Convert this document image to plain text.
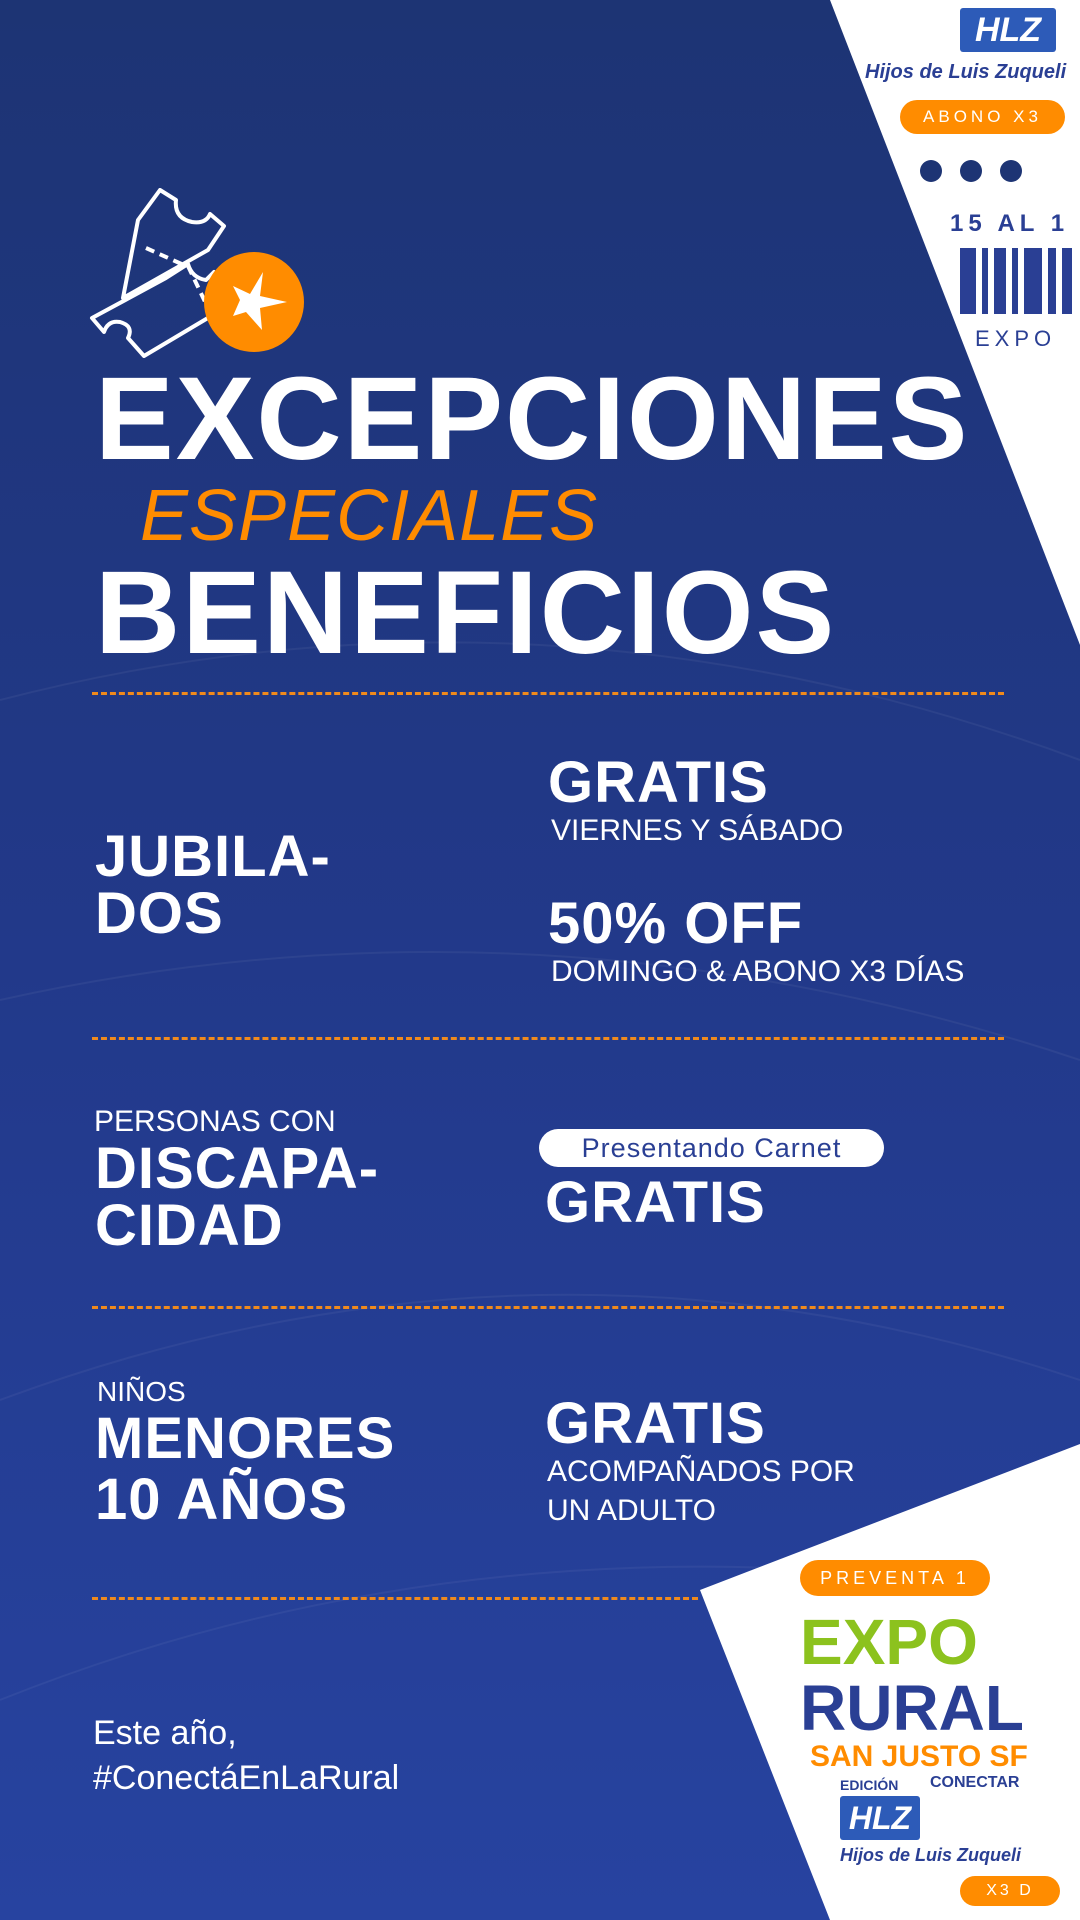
HLZ
Hijos de Luis Zuqueli
ABONO X3
15 AL 1
EXPO
PREVENTA 1
EXPO
RURAL
SAN JUSTO SF
CONECTAR
EDICIÓN
HLZ
Hijos de Luis Zuqueli
X3 D
EXCEPCIONES
ESPECIALES
BENEFICIOS
JUBILA-
DOS
GRATIS
VIERNES Y SÁBADO
50% OFF
DOMINGO & ABONO X3 DÍAS
PERSONAS CON
DISCAPA-
CIDAD
Presentando Carnet
GRATIS
NIÑOS
MENORES
10 AÑOS
GRATIS
ACOMPAÑADOS POR
UN ADULTO
Este año,
#ConectáEnLaRural
